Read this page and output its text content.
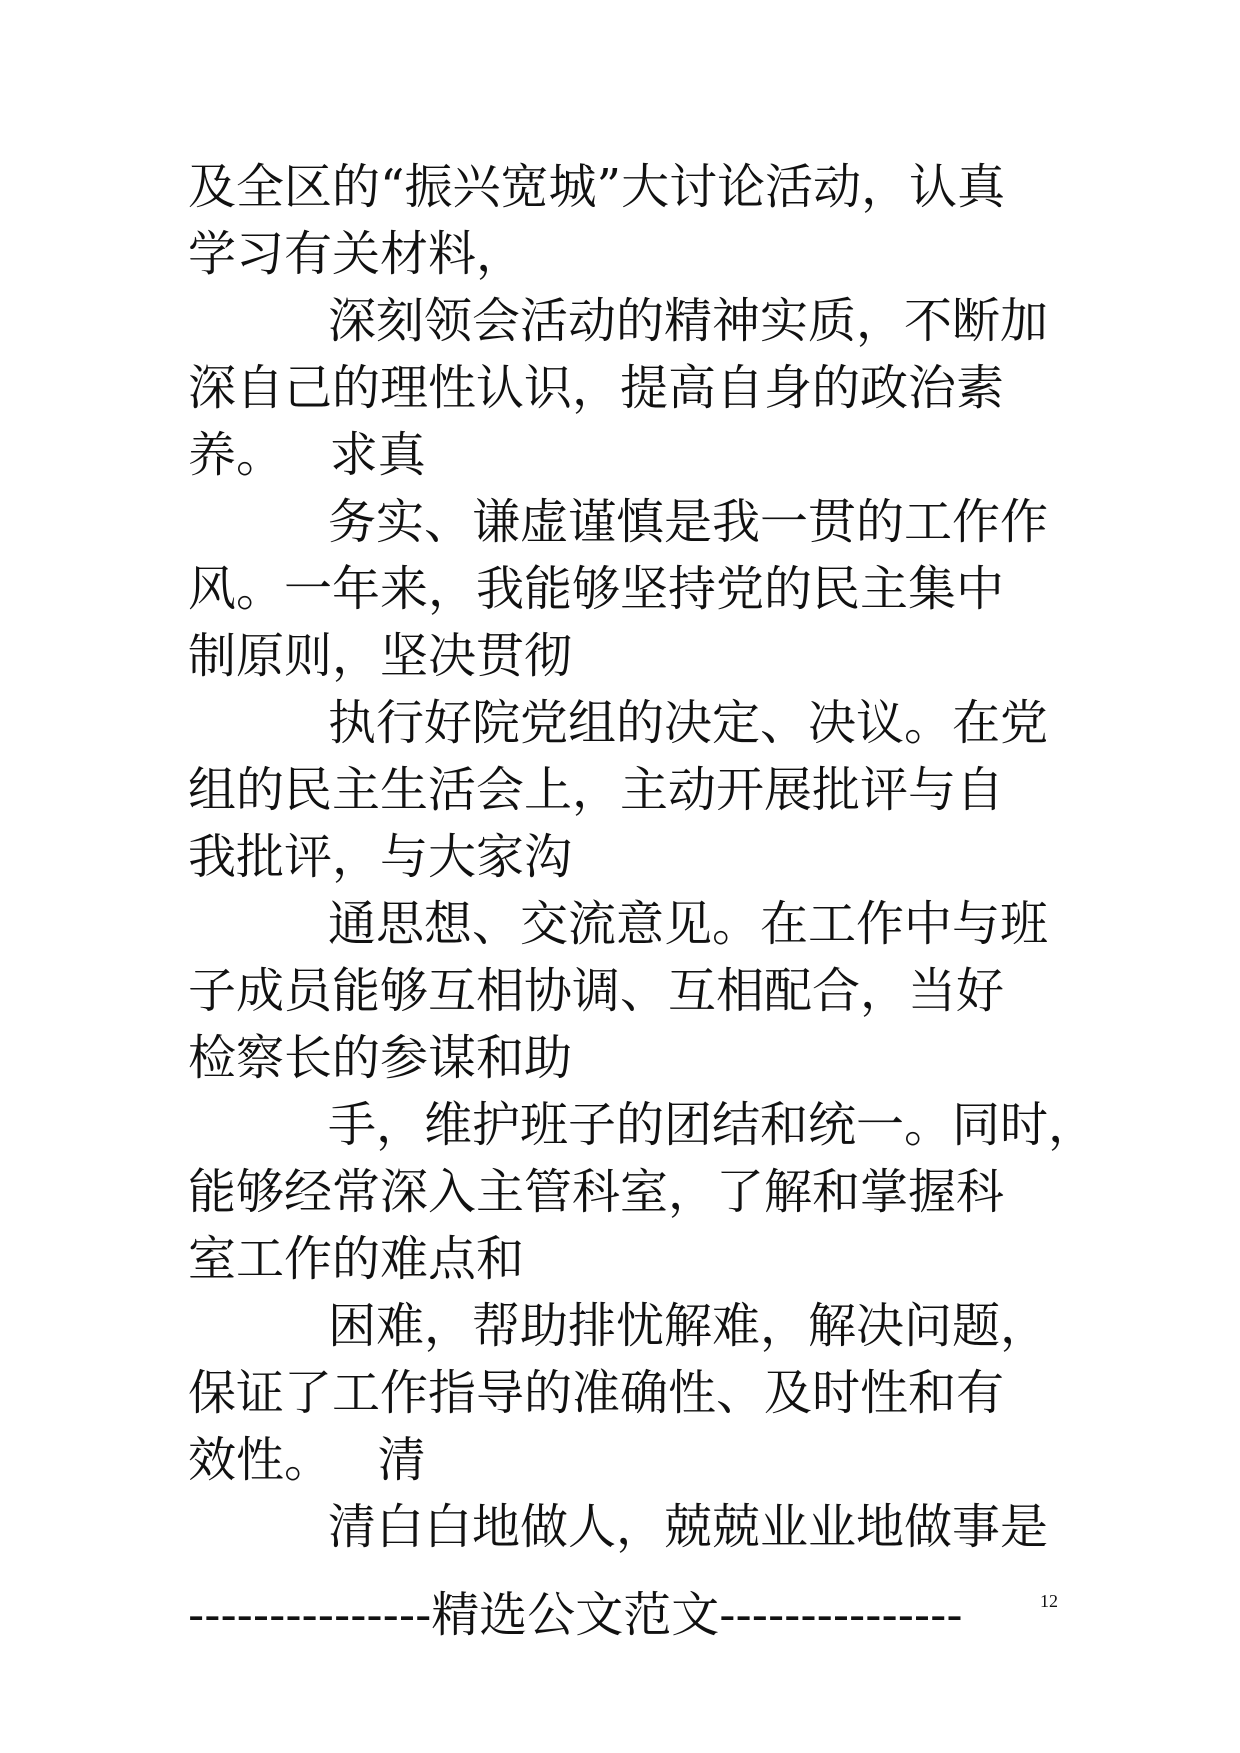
及全区的“振兴宽城”大讨论活动，认真
学习有关材料，
深刻领会活动的精神实质，不断加
深自己的理性认识，提高自身的政治素
养。   求真
务实、谦虚谨慎是我一贯的工作作
风。一年来，我能够坚持党的民主集中
制原则，坚决贯彻
执行好院党组的决定、决议。在党
组的民主生活会上，主动开展批评与自
我批评，与大家沟
通思想、交流意见。在工作中与班
子成员能够互相协调、互相配合，当好
检察长的参谋和助
手，维护班子的团结和统一。同时，
能够经常深入主管科室，了解和掌握科
室工作的难点和
困难，帮助排忧解难，解决问题，
保证了工作指导的准确性、及时性和有
效性。   清
清白白地做人，兢兢业业地做事是
---------------精选公文范文---------------	12
